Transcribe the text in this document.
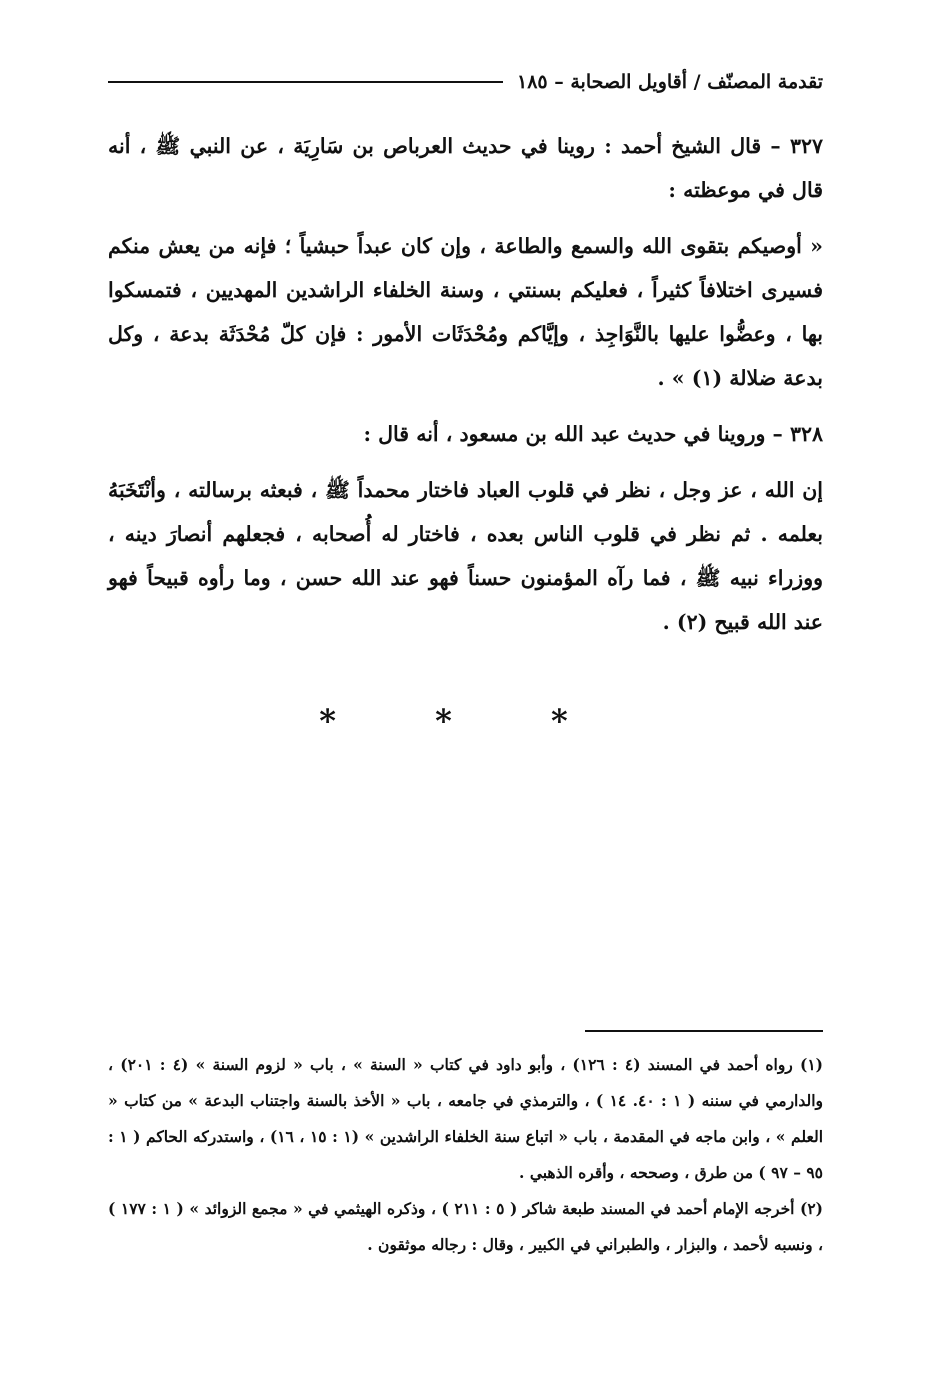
تقدمة المصنّف / أقاويل الصحابة – ١٨٥

٣٢٧ – قال الشيخ أحمد : روينا في حديث العرباص بن سَارِيَة ، عن النبي ﷺ ، أنه قال في موعظته :

« أوصيكم بتقوى الله والسمع والطاعة ، وإن كان عبداً حبشياً ؛ فإنه من يعش منكم فسيرى اختلافاً كثيراً ، فعليكم بسنتي ، وسنة الخلفاء الراشدين المهديين ، فتمسكوا بها ، وعضُّوا عليها بالنَّوَاجِذ ، وإيَّاكم ومُحْدَثَات الأمور : فإن كلّ مُحْدَثَة بدعة ، وكل بدعة ضلالة (١) » .

٣٢٨ – وروينا في حديث عبد الله بن مسعود ، أنه قال :

إن الله ، عز وجل ، نظر في قلوب العباد فاختار محمداً ﷺ ، فبعثه برسالته ، وأنْتَخَبَهُ بعلمه . ثم نظر في قلوب الناس بعده ، فاختار له أُصحابه ، فجعلهم أنصارَ دينه ، ووزراء نبيه ﷺ ، فما رآه المؤمنون حسناً فهو عند الله حسن ، وما رأوه قبيحاً فهو عند الله قبيح (٢) .

* * *

(١) رواه أحمد في المسند (٤ : ١٢٦) ، وأبو داود في كتاب « السنة » ، باب « لزوم السنة » (٤ : ٢٠١) ، والدارمي في سننه ( ١ : ٤٠. ١٤ ) ، والترمذي في جامعه ، باب « الأخذ بالسنة واجتناب البدعة » من كتاب « العلم » ، وابن ماجه في المقدمة ، باب « اتباع سنة الخلفاء الراشدين » (١ : ١٥ ، ١٦) ، واستدركه الحاكم ( ١ : ٩٥ – ٩٧ ) من طرق ، وصححه ، وأقره الذهبي .

(٢) أخرجه الإمام أحمد في المسند طبعة شاكر ( ٥ : ٢١١ ) ، وذكره الهيثمي في « مجمع الزوائد » ( ١ : ١٧٧ ) ، ونسبه لأحمد ، والبزار ، والطبراني في الكبير ، وقال : رجاله موثقون .
